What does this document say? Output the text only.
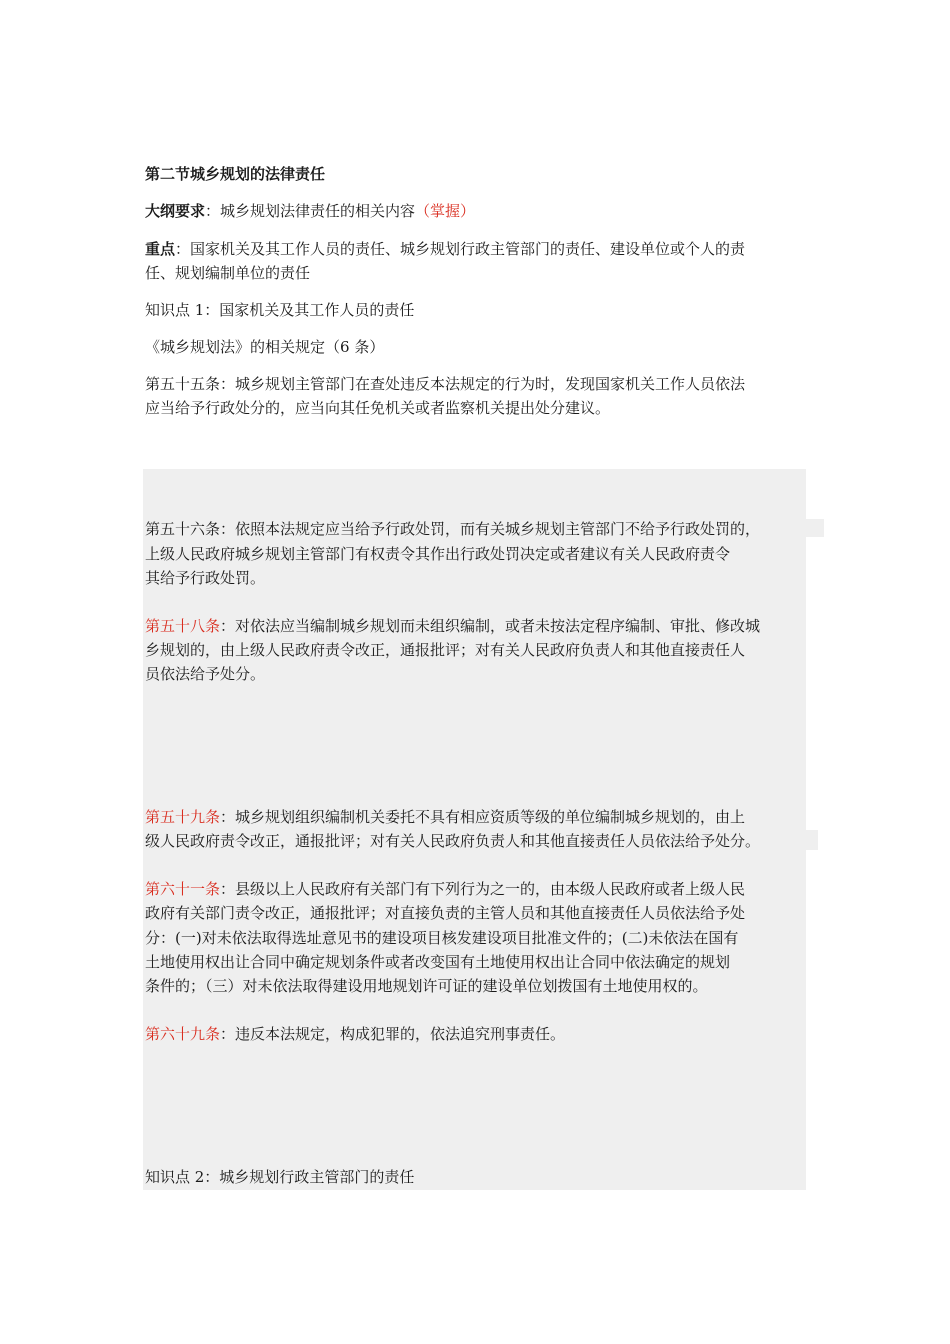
第二节城乡规划的法律责任
大纲要求：城乡规划法律责任的相关内容（掌握）
重点：国家机关及其工作人员的责任、城乡规划行政主管部门的责任、建设单位或个人的责
任、规划编制单位的责任
知识点 1：国家机关及其工作人员的责任
《城乡规划法》的相关规定（6 条）
第五十五条：城乡规划主管部门在查处违反本法规定的行为时，发现国家机关工作人员依法
应当给予行政处分的，应当向其任免机关或者监察机关提出处分建议。
第五十六条：依照本法规定应当给予行政处罚，而有关城乡规划主管部门不给予行政处罚的，
上级人民政府城乡规划主管部门有权责令其作出行政处罚决定或者建议有关人民政府责令
其给予行政处罚。
第五十八条：对依法应当编制城乡规划而未组织编制，或者未按法定程序编制、审批、修改城
乡规划的，由上级人民政府责令改正，通报批评；对有关人民政府负责人和其他直接责任人
员依法给予处分。
第五十九条：城乡规划组织编制机关委托不具有相应资质等级的单位编制城乡规划的，由上
级人民政府责令改正，通报批评；对有关人民政府负责人和其他直接责任人员依法给予处分。
第六十一条：县级以上人民政府有关部门有下列行为之一的，由本级人民政府或者上级人民
政府有关部门责令改正，通报批评；对直接负责的主管人员和其他直接责任人员依法给予处
分：(一)对未依法取得选址意见书的建设项目核发建设项目批准文件的；(二)未依法在国有
土地使用权出让合同中确定规划条件或者改变国有土地使用权出让合同中依法确定的规划
条件的；（三）对未依法取得建设用地规划许可证的建设单位划拨国有土地使用权的。
第六十九条：违反本法规定，构成犯罪的，依法追究刑事责任。
知识点 2：城乡规划行政主管部门的责任
